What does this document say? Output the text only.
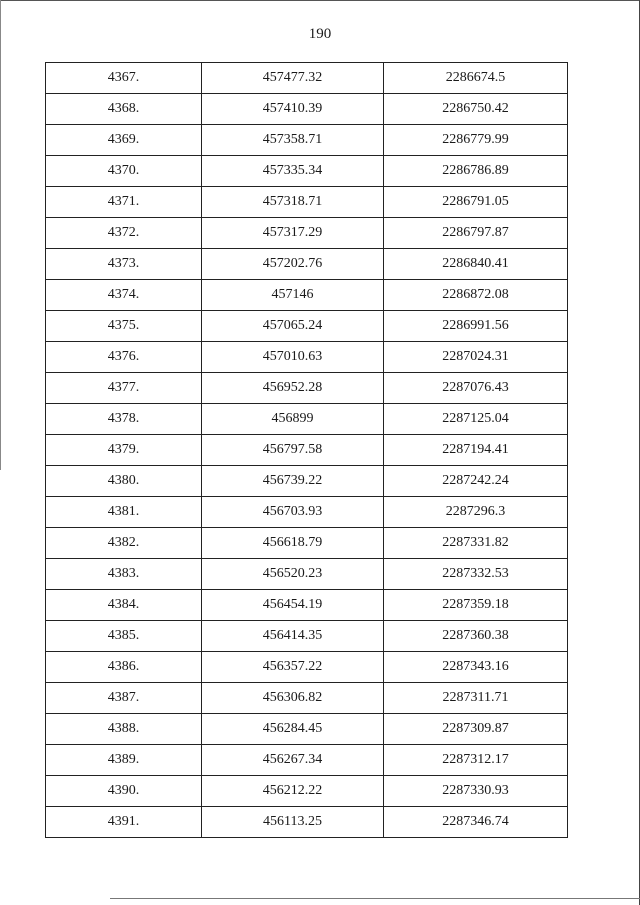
190
4367.	457477.32	2286674.5
4368.	457410.39	2286750.42
4369.	457358.71	2286779.99
4370.	457335.34	2286786.89
4371.	457318.71	2286791.05
4372.	457317.29	2286797.87
4373.	457202.76	2286840.41
4374.	457146	2286872.08
4375.	457065.24	2286991.56
4376.	457010.63	2287024.31
4377.	456952.28	2287076.43
4378.	456899	2287125.04
4379.	456797.58	2287194.41
4380.	456739.22	2287242.24
4381.	456703.93	2287296.3
4382.	456618.79	2287331.82
4383.	456520.23	2287332.53
4384.	456454.19	2287359.18
4385.	456414.35	2287360.38
4386.	456357.22	2287343.16
4387.	456306.82	2287311.71
4388.	456284.45	2287309.87
4389.	456267.34	2287312.17
4390.	456212.22	2287330.93
4391.	456113.25	2287346.74
